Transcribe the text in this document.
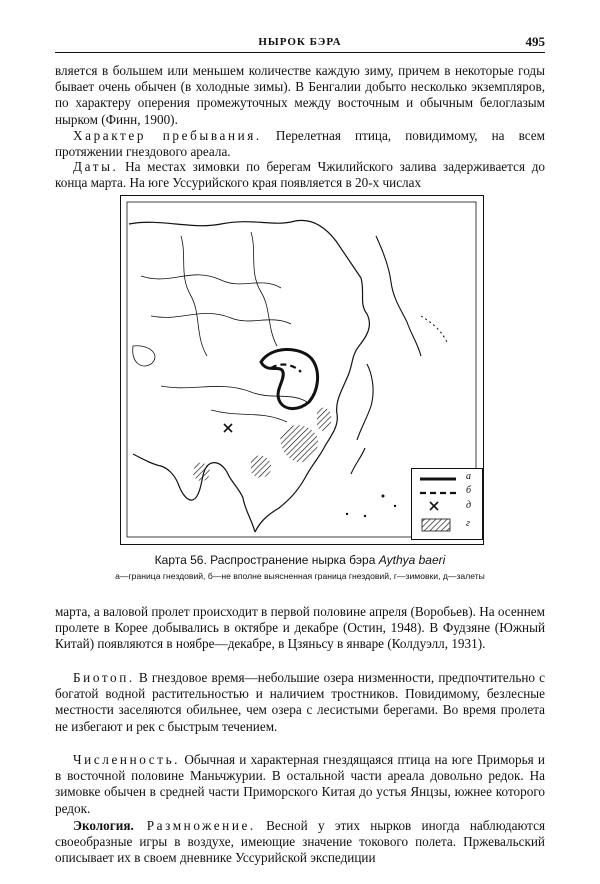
НЫРОК БЭРА	495

вляется в большем или меньшем количестве каждую зиму, причем в некоторые годы бывает очень обычен (в холодные зимы). В Бенгалии добыто несколько экземпляров, по характеру оперения промежуточных между восточным и обычным белоглазым нырком (Финн, 1900).

Характер пребывания. Перелетная птица, повидимому, на всем протяжении гнездового ареала.

Даты. На местах зимовки по берегам Чжилийского залива задерживается до конца марта. На юге Уссурийского края появляется в 20-х числах

а
б
д
г

Карта 56. Распространение нырка бэра Aythya baeri

а—граница гнездовий, б—не вполне выясненная граница гнездовий, г—зимовки, д—залеты

марта, а валовой пролет происходит в первой половине апреля (Воробьев). На осеннем пролете в Корее добывались в октябре и декабре (Остин, 1948). В Фудзяне (Южный Китай) появляются в ноябре—декабре, в Цзяньсу в январе (Колдуэлл, 1931).

Биотоп. В гнездовое время—небольшие озера низменности, предпочтительно с богатой водной растительностью и наличием тростников. Повидимому, безлесные местности заселяются обильнее, чем озера с лесистыми берегами. Во время пролета не избегают и рек с быстрым течением.

Численность. Обычная и характерная гнездящаяся птица на юге Приморья и в восточной половине Маньчжурии. В остальной части ареала довольно редок. На зимовке обычен в средней части Приморского Китая до устья Янцзы, южнее которого редок.

Экология. Размножение. Весной у этих нырков иногда наблюдаются своеобразные игры в воздухе, имеющие значение токового полета. Пржевальский описывает их в своем дневнике Уссурийской экспедиции
